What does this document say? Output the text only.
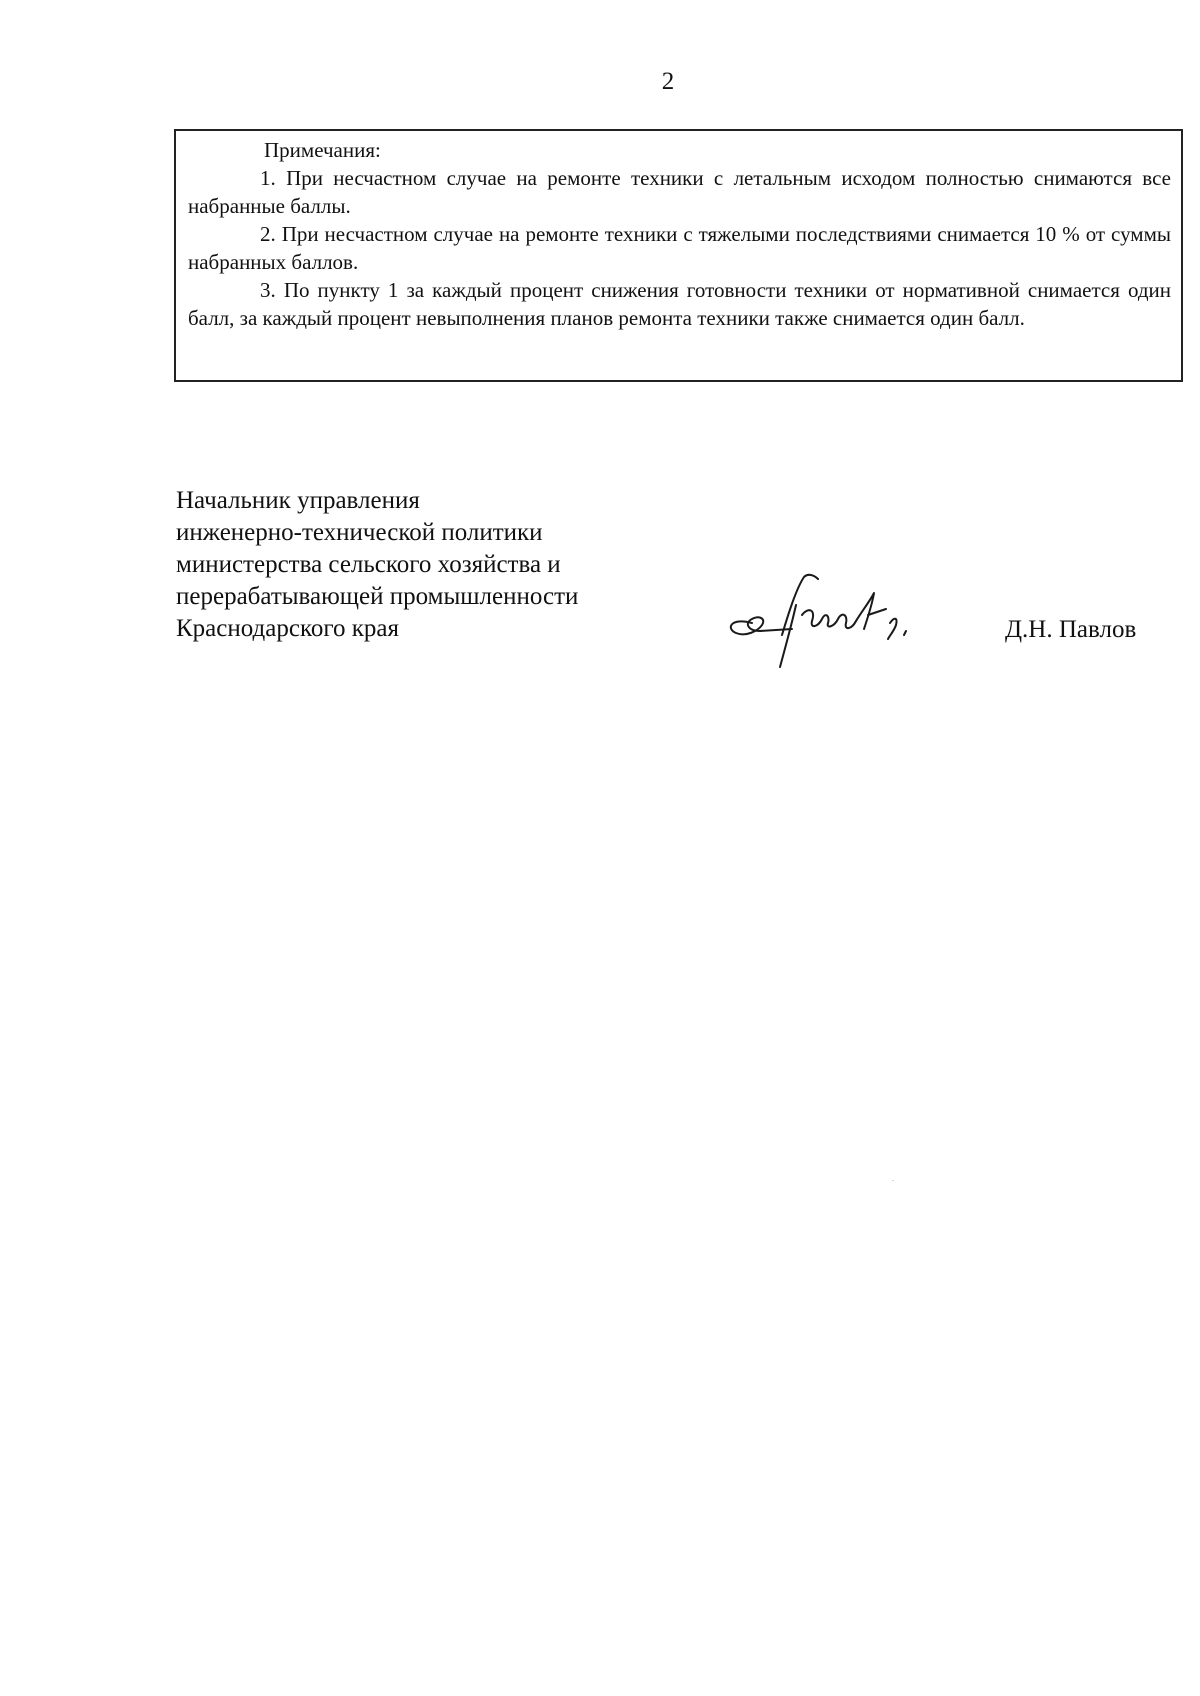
2
Примечания:

1. При несчастном случае на ремонте техники с летальным исходом полностью снимаются все набранные баллы.

2. При несчастном случае на ремонте техники с тяжелыми последствиями снимается 10 % от суммы набранных баллов.

3. По пункту 1 за каждый процент снижения готовности техники от нормативной снимается один балл, за каждый процент невыполнения планов ремонта техники также снимается один балл.

Начальник управления
инженерно-технической политики
министерства сельского хозяйства и
перерабатывающей промышленности
Краснодарского края	Д.Н. Павлов
